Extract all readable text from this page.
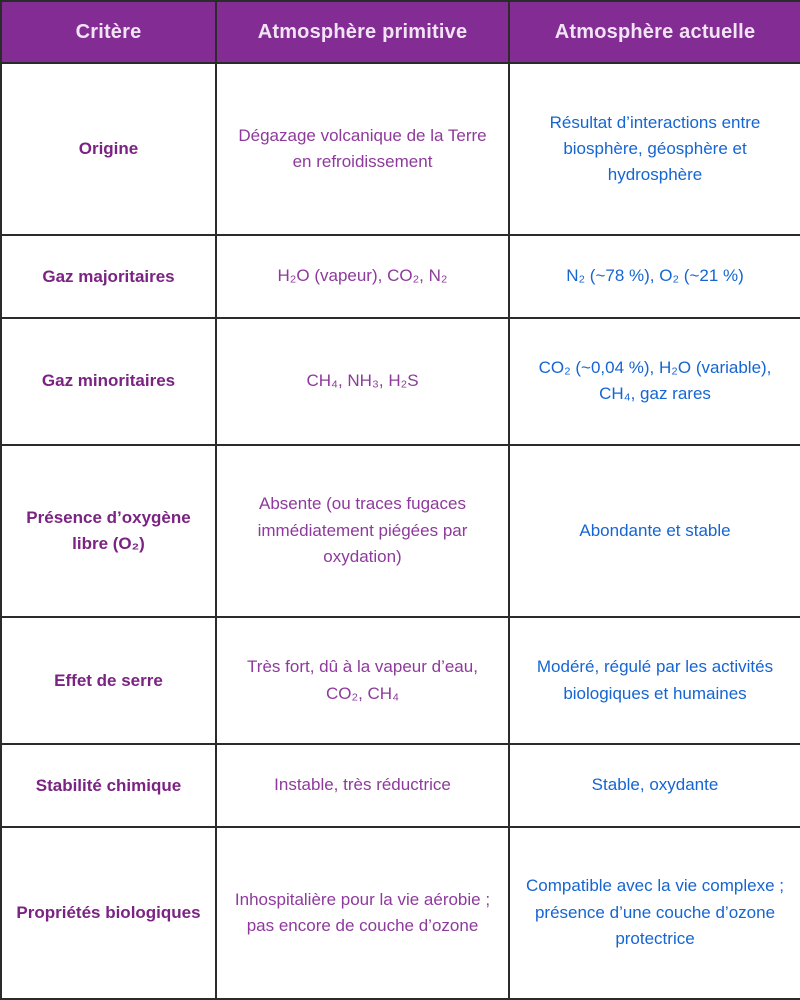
Critère	Atmosphère primitive	Atmosphère actuelle
Origine	Dégazage volcanique de la Terre en refroidissement	Résultat d’interactions entre biosphère, géosphère et hydrosphère
Gaz majoritaires	H₂O (vapeur), CO₂, N₂	N₂ (~78 %), O₂ (~21 %)
Gaz minoritaires	CH₄, NH₃, H₂S	CO₂ (~0,04 %), H₂O (variable), CH₄, gaz rares
Présence d’oxygène libre (O₂)	Absente (ou traces fugaces immédiatement piégées par oxydation)	Abondante et stable
Effet de serre	Très fort, dû à la vapeur d’eau, CO₂, CH₄	Modéré, régulé par les activités biologiques et humaines
Stabilité chimique	Instable, très réductrice	Stable, oxydante
Propriétés biologiques	Inhospitalière pour la vie aérobie ; pas encore de couche d’ozone	Compatible avec la vie complexe ; présence d’une couche d’ozone protectrice
